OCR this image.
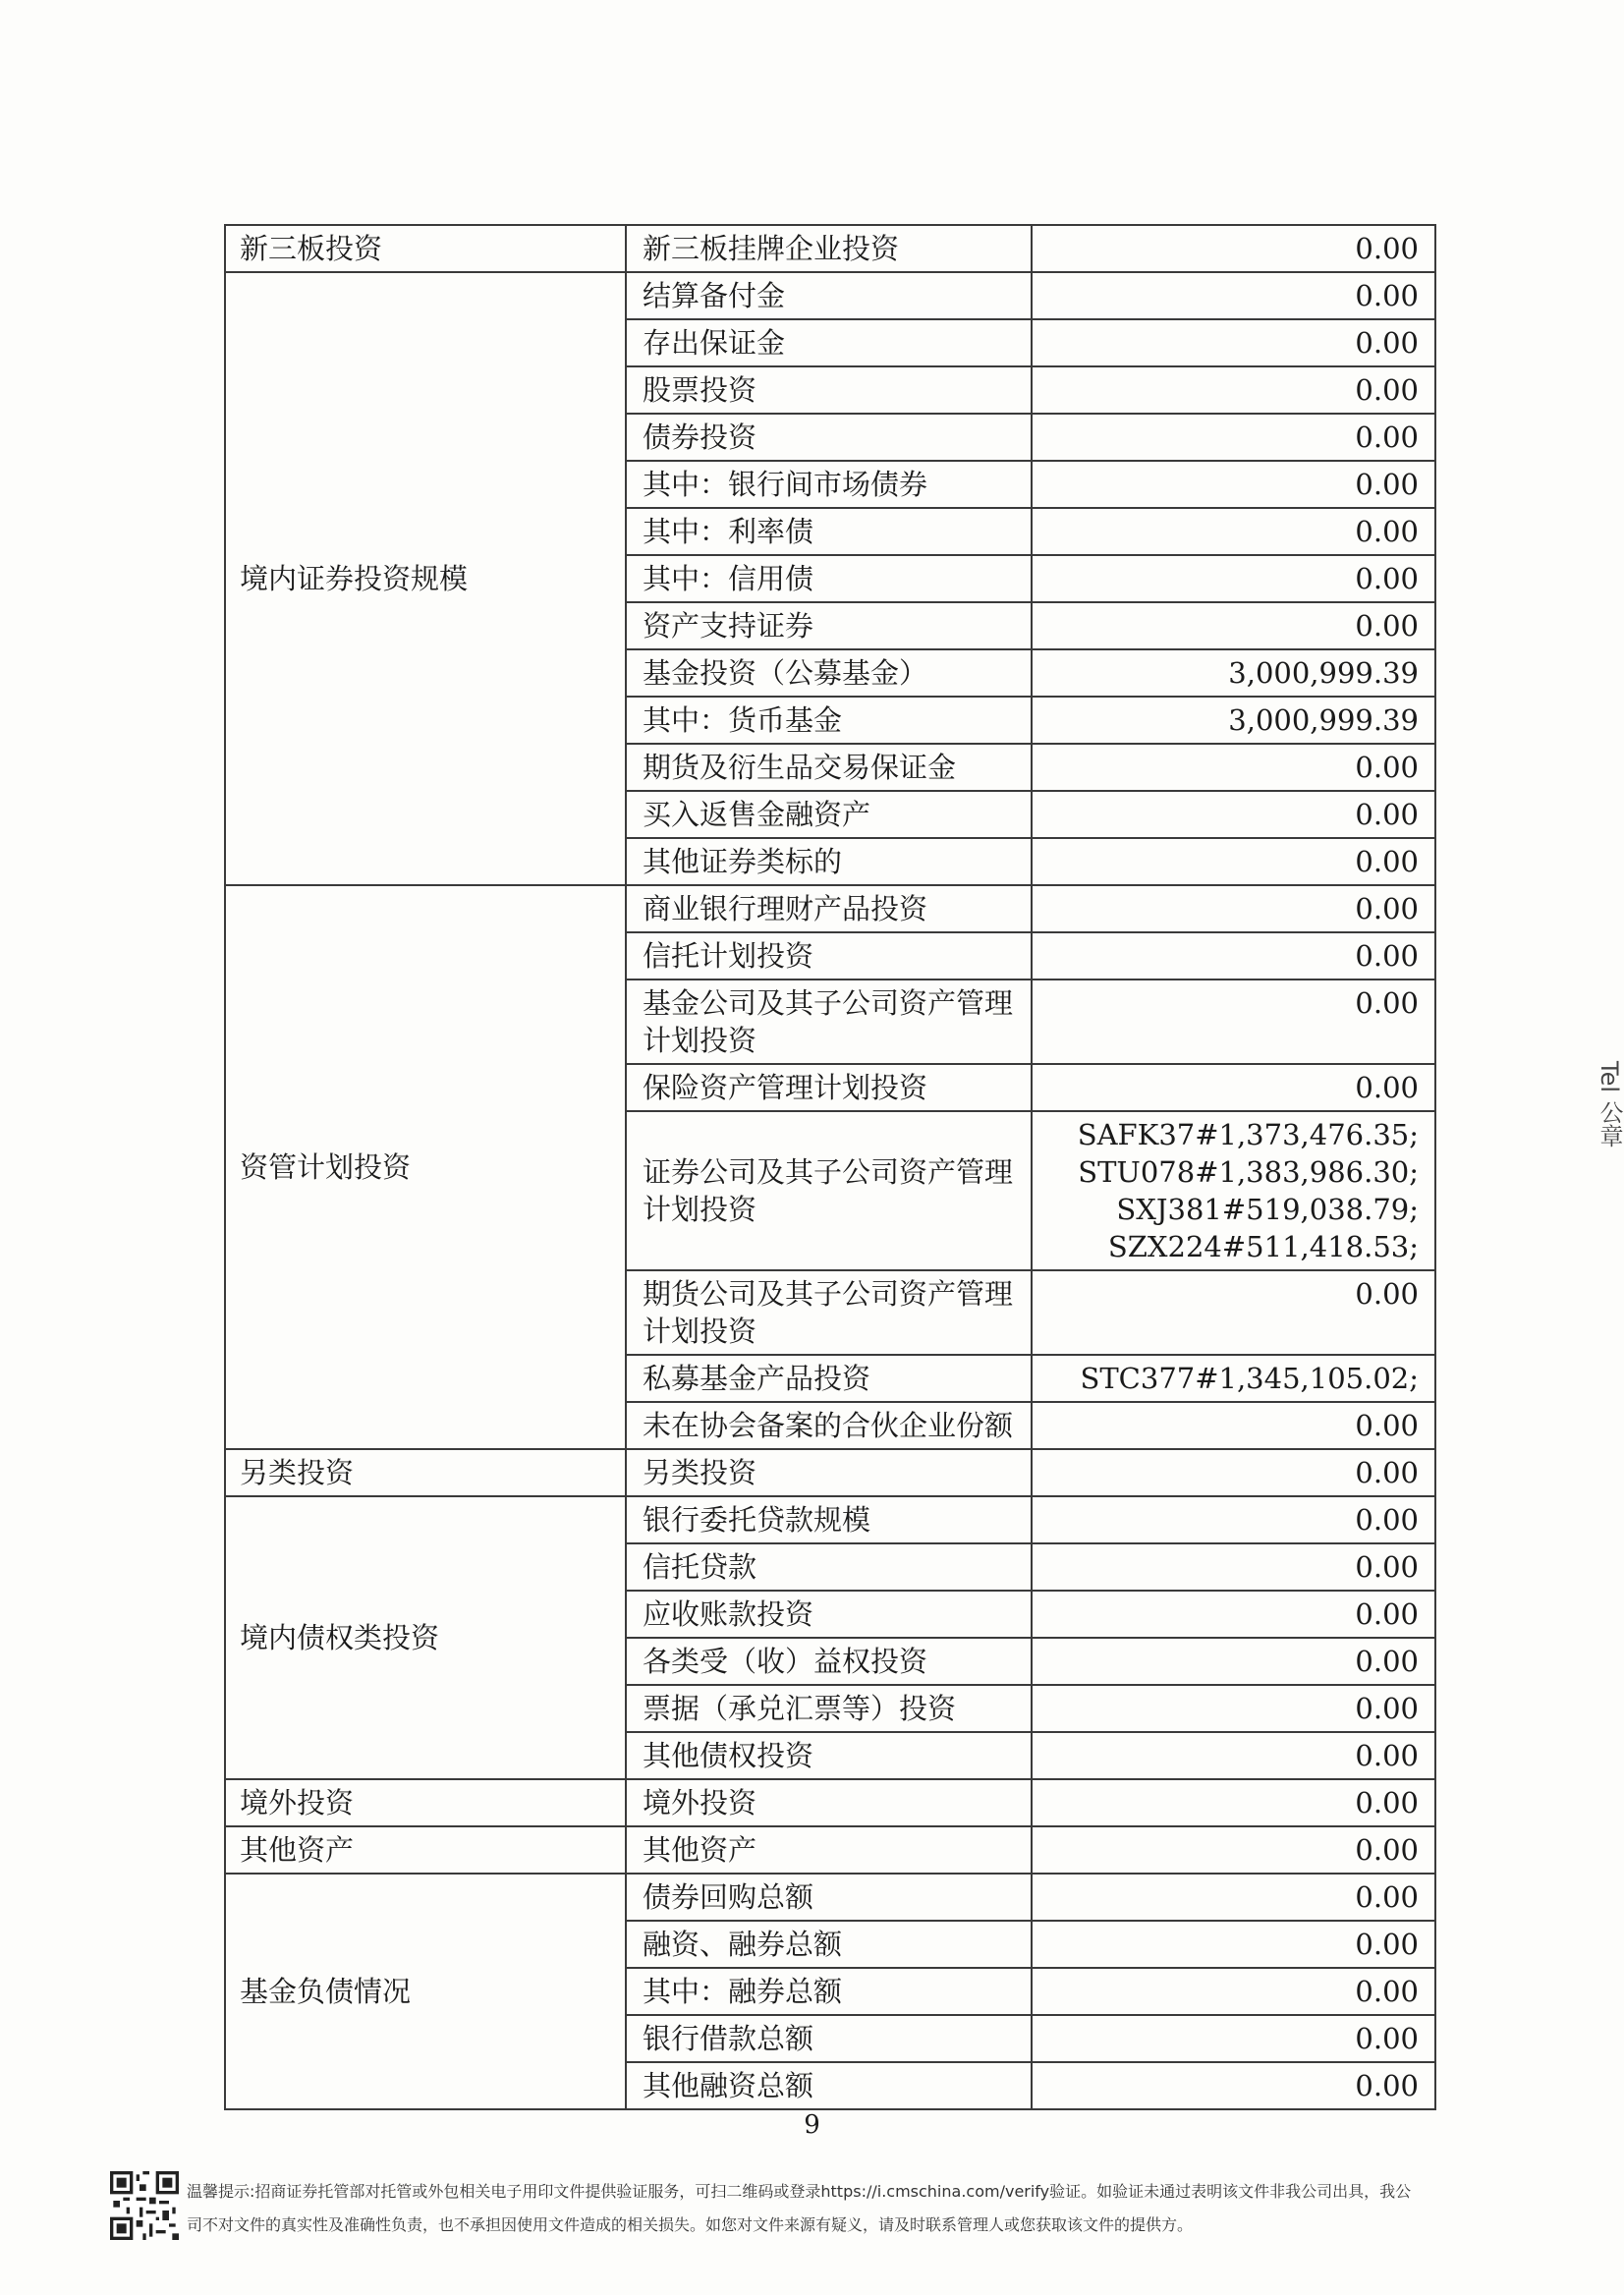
新三板投资	新三板挂牌企业投资	0.00
境内证券投资规模	结算备付金	0.00
	存出保证金	0.00
	股票投资	0.00
	债券投资	0.00
	其中：银行间市场债券	0.00
	其中：利率债	0.00
	其中：信用债	0.00
	资产支持证券	0.00
	基金投资（公募基金）	3,000,999.39
	其中：货币基金	3,000,999.39
	期货及衍生品交易保证金	0.00
	买入返售金融资产	0.00
	其他证券类标的	0.00
资管计划投资	商业银行理财产品投资	0.00
	信托计划投资	0.00
	基金公司及其子公司资产管理计划投资	0.00
	保险资产管理计划投资	0.00
	证券公司及其子公司资产管理计划投资	SAFK37#1,373,476.35;
STU078#1,383,986.30;
SXJ381#519,038.79;
SZX224#511,418.53;

	期货公司及其子公司资产管理计划投资	0.00
	私募基金产品投资	STC377#1,345,105.02;
	未在协会备案的合伙企业份额	0.00
另类投资	另类投资	0.00
境内债权类投资	银行委托贷款规模	0.00
	信托贷款	0.00
	应收账款投资	0.00
	各类受（收）益权投资	0.00
	票据（承兑汇票等）投资	0.00
	其他债权投资	0.00
境外投资	境外投资	0.00
其他资产	其他资产	0.00
基金负债情况	债券回购总额	0.00
	融资、融券总额	0.00
	其中：融券总额	0.00
	银行借款总额	0.00
	其他融资总额	0.00
9
温馨提示:招商证券托管部对托管或外包相关电子用印文件提供验证服务，可扫二维码或登录https://i.cmschina.com/verify验证。如验证未通过表明该文件非我公司出具，我公司不对文件的真实性及准确性负责，也不承担因使用文件造成的相关损失。如您对文件来源有疑义，请及时联系管理人或您获取该文件的提供方。
Tel 公章
